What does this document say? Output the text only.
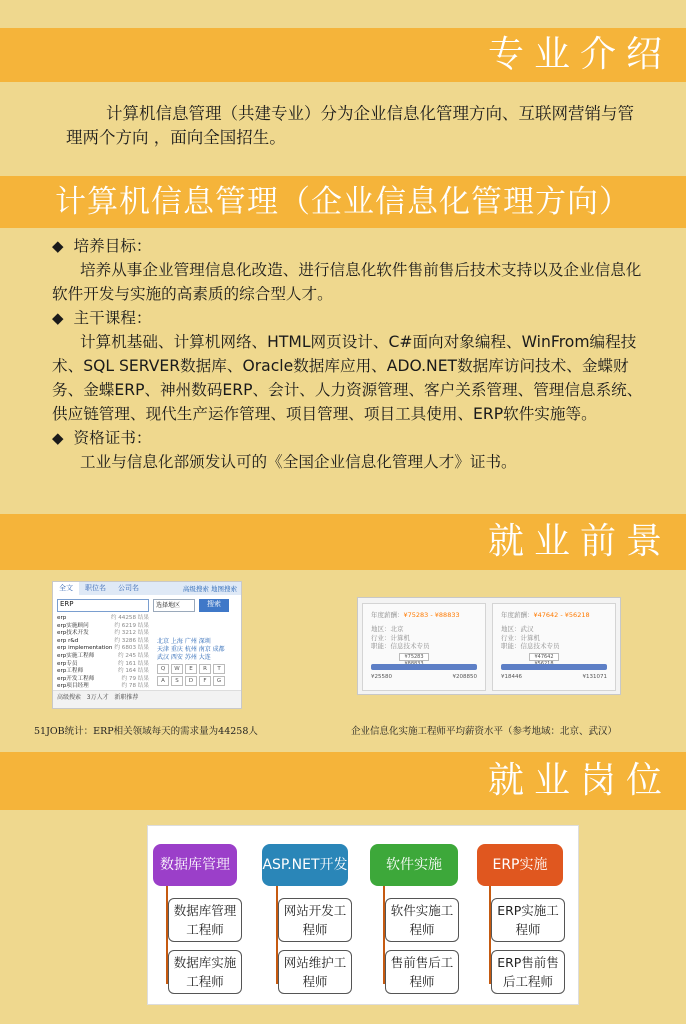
专业介绍

计算机信息管理（共建专业）分为企业信息化管理方向、互联网营销与管理两个方向 ，面向全国招生。

计算机信息管理（企业信息化管理方向）
◆ 培养目标：
培养从事企业管理信息化改造、进行信息化软件售前售后技术支持以及企业信息化软件开发与实施的高素质的综合型人才。
◆ 主干课程：
计算机基础、计算机网络、HTML网页设计、C#面向对象编程、WinFrom编程技术、SQL SERVER数据库、Oracle数据库应用、ADO.NET数据库访问技术、金蝶财务、金蝶ERP、神州数码ERP、会计、人力资源管理、客户关系管理、管理信息系统、供应链管理、现代生产运作管理、项目管理、项目工具使用、ERP软件实施等。
◆ 资格证书：
工业与信息化部颁发认可的《全国企业信息化管理人才》证书。
就业前景
全文	职位名	公司名	高级搜索 地图搜索
ERP	选择地区	搜索
erp	约 44258 结果
erp实施顾问	约 6219 结果
erp技术开发	约 3212 结果
erp r&d	约 3286 结果
erp implementation 约 6803 结果
erp实施工程师	约 245 结果
erp专员	约 161 结果
erp工程师	约 164 结果
erp开发工程师	约 79 结果
erp项目经理	约 78 结果
北京 上海 广州 深圳
天津 重庆 杭州 南京 成都
武汉 西安 苏州 大连
Q	W	E	R	T
A	S	D	F	G
高级搜索 3万人才 新职推荐
51JOB统计：ERP相关领域每天的需求量为44258人
年度薪酬：¥75283 - ¥88833
地区：北京
行业：计算机
职能：信息技术专员
¥75283
¥25580	¥208850
年度薪酬：¥47642 - ¥56218
地区：武汉
行业：计算机
职能：信息技术专员
¥47642
¥18446	¥131071
企业信息化实施工程师平均薪资水平（参考地域：北京、武汉）
就业岗位
数据库管理	ASP.NET开发	软件实施	ERP实施
数据库管理工程师
数据库实施工程师
网站开发工程师
网站维护工程师
软件实施工程师
售前售后工程师
ERP实施工程师
ERP售前售后工程师
